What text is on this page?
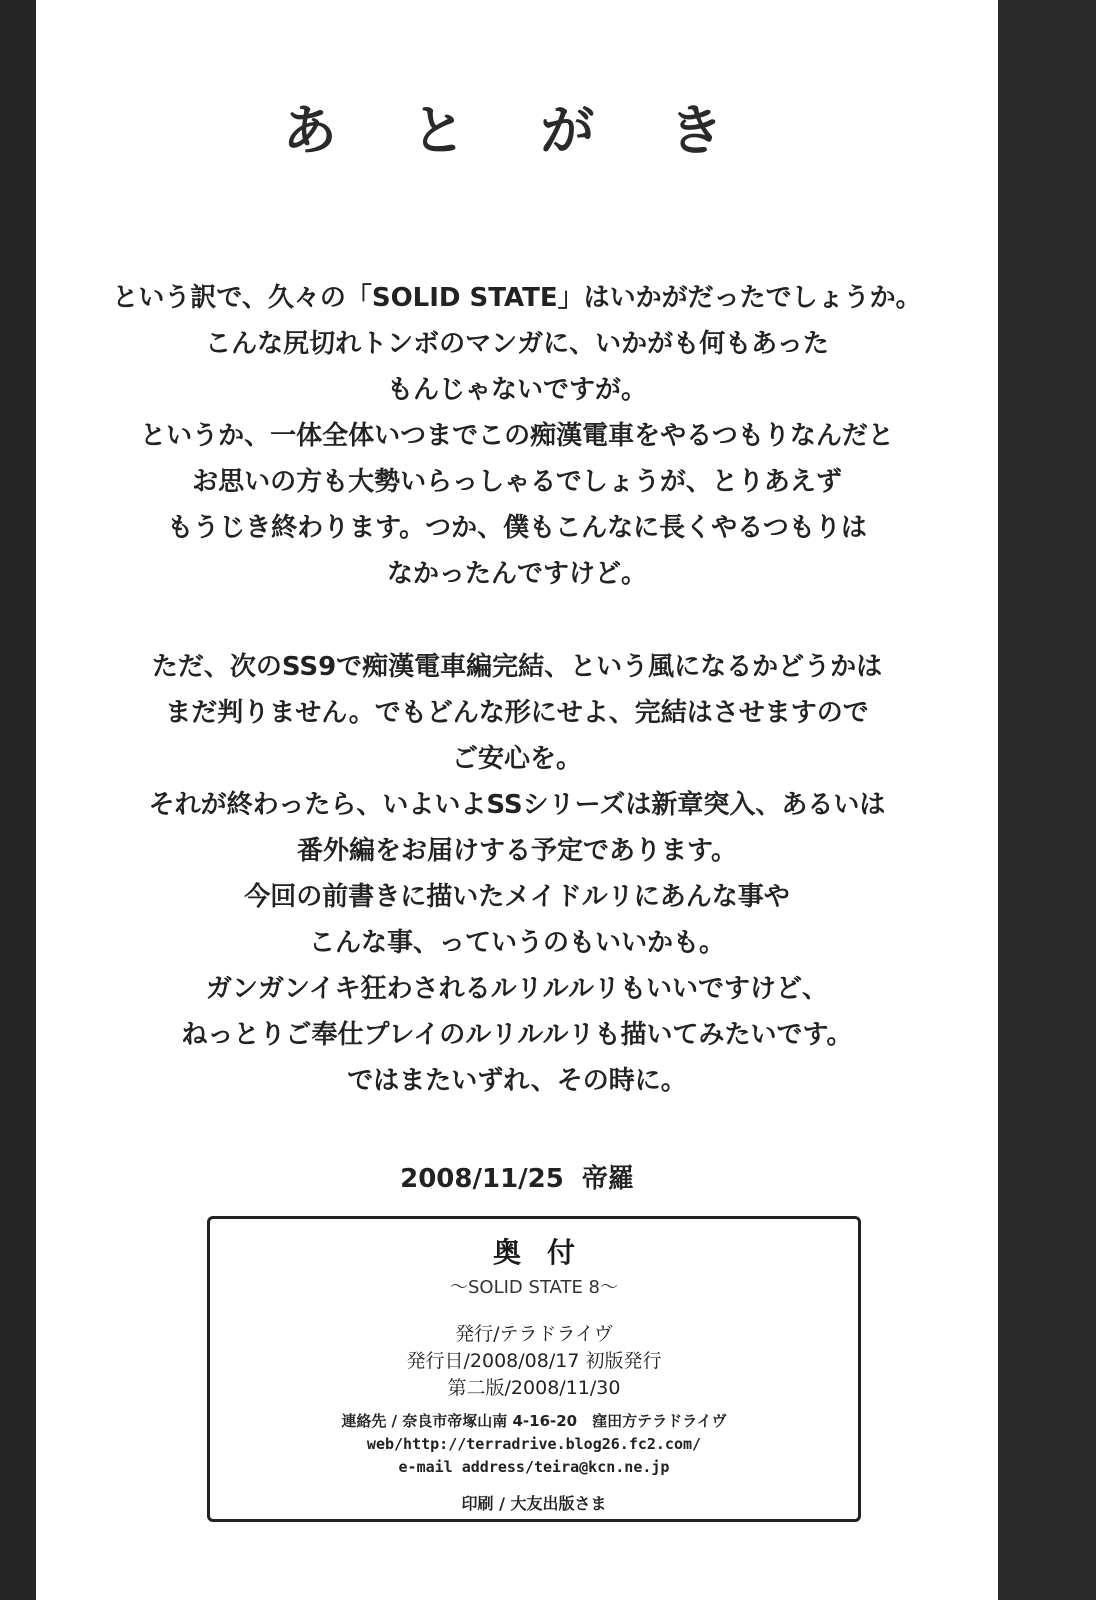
あ と が き
という訳で、久々の「SOLID STATE」はいかがだったでしょうか。
こんな尻切れトンボのマンガに、いかがも何もあった
もんじゃないですが。
というか、一体全体いつまでこの痴漢電車をやるつもりなんだと
お思いの方も大勢いらっしゃるでしょうが、とりあえず
もうじき終わります。つか、僕もこんなに長くやるつもりは
なかったんですけど。
ただ、次のSS9で痴漢電車編完結、という風になるかどうかは
まだ判りません。でもどんな形にせよ、完結はさせますので
ご安心を。
それが終わったら、いよいよSSシリーズは新章突入、あるいは
番外編をお届けする予定であります。
今回の前書きに描いたメイドルリにあんな事や
こんな事、っていうのもいいかも。
ガンガンイキ狂わされるルリルルリもいいですけど、
ねっとりご奉仕プレイのルリルルリも描いてみたいです。
ではまたいずれ、その時に。
2008/11/25 帝羅
奥付
〜SOLID STATE 8〜
発行/テラドライヴ
発行日/2008/08/17 初版発行
第二版/2008/11/30
連絡先 / 奈良市帝塚山南 4-16-20　窪田方テラドライヴ
web/http://terradrive.blog26.fc2.com/
e-mail address/teira@kcn.ne.jp
印刷 / 大友出版さま
